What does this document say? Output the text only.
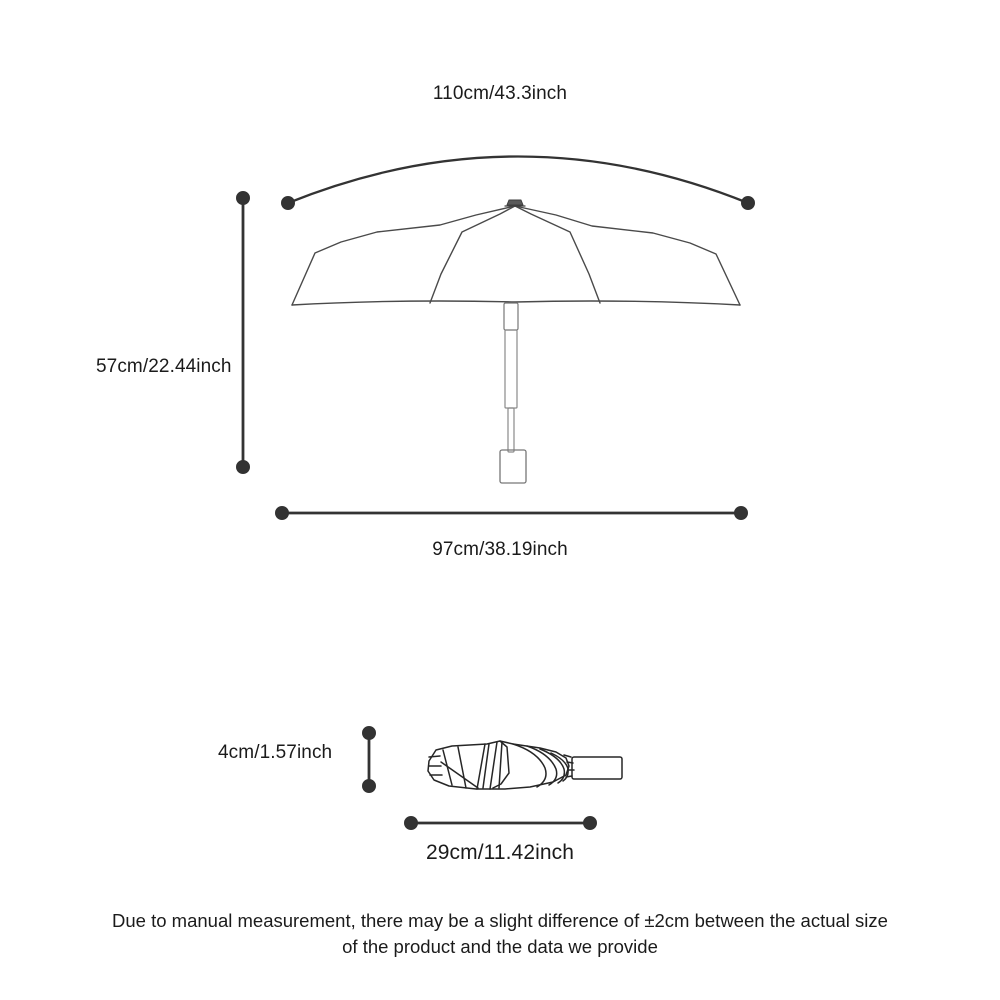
110cm/43.3inch
57cm/22.44inch
97cm/38.19inch
4cm/1.57inch
29cm/11.42inch
Due to manual measurement, there may be a slight difference of ±2cm between the actual size of the product and the data we provide
